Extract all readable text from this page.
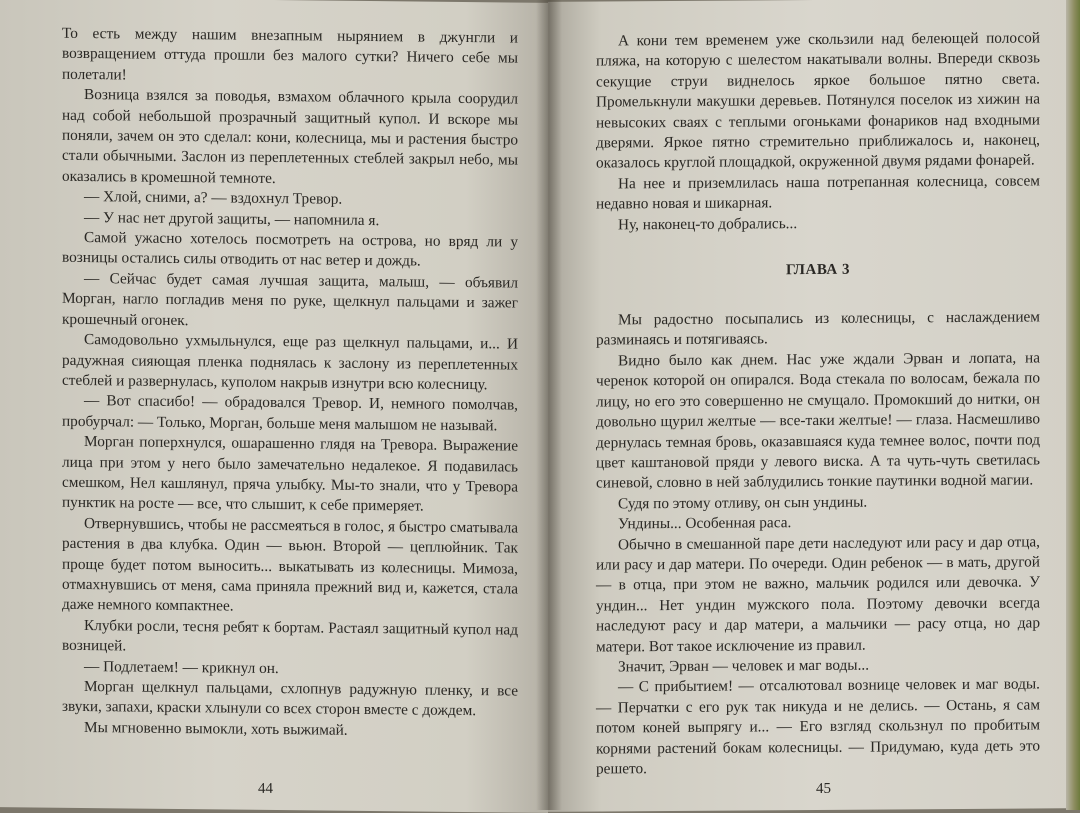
То есть между нашим внезапным нырянием в джунгли и возвращением оттуда прошли без малого сутки? Ничего себе мы полетали!

Возница взялся за поводья, взмахом облачного крыла соорудил над собой небольшой прозрачный защитный купол. И вскоре мы поняли, зачем он это сделал: кони, колесница, мы и растения быстро стали обычными. Заслон из переплетенных стеблей закрыл небо, мы оказались в кромешной темноте.

— Хлой, сними, а? — вздохнул Тревор.

— У нас нет другой защиты, — напомнила я.

Самой ужасно хотелось посмотреть на острова, но вряд ли у возницы остались силы отводить от нас ветер и дождь.

— Сейчас будет самая лучшая защита, малыш, — объявил Морган, нагло погладив меня по руке, щелкнул пальцами и зажег крошечный огонек.

Самодовольно ухмыльнулся, еще раз щелкнул пальцами, и... И радужная сияющая пленка поднялась к заслону из переплетенных стеблей и развернулась, куполом накрыв изнутри всю колесницу.

— Вот спасибо! — обрадовался Тревор. И, немного помолчав, пробурчал: — Только, Морган, больше меня малышом не называй.

Морган поперхнулся, ошарашенно глядя на Тревора. Выражение лица при этом у него было замечательно недалекое. Я подавилась смешком, Нел кашлянул, пряча улыбку. Мы-то знали, что у Тревора пунктик на росте — все, что слышит, к себе примеряет.

Отвернувшись, чтобы не рассмеяться в голос, я быстро сматывала растения в два клубка. Один — вьюн. Второй — цеплюйник. Так проще будет потом выносить... выкатывать из колесницы. Мимоза, отмахнувшись от меня, сама приняла прежний вид и, кажется, стала даже немного компактнее.

Клубки росли, тесня ребят к бортам. Растаял защитный купол над возницей.

— Подлетаем! — крикнул он.

Морган щелкнул пальцами, схлопнув радужную пленку, и все звуки, запахи, краски хлынули со всех сторон вместе с дождем.

Мы мгновенно вымокли, хоть выжимай.

44

А кони тем временем уже скользили над белеющей полосой пляжа, на которую с шелестом накатывали волны. Впереди сквозь секущие струи виднелось яркое большое пятно света. Промелькнули макушки деревьев. Потянулся поселок из хижин на невысоких сваях с теплыми огоньками фонариков над входными дверями. Яркое пятно стремительно приближалось и, наконец, оказалось круглой площадкой, окруженной двумя рядами фонарей.

На нее и приземлилась наша потрепанная колесница, совсем недавно новая и шикарная.

Ну, наконец-то добрались...

ГЛАВА 3

Мы радостно посыпались из колесницы, с наслаждением разминаясь и потягиваясь.

Видно было как днем. Нас уже ждали Эрван и лопата, на черенок которой он опирался. Вода стекала по волосам, бежала по лицу, но его это совершенно не смущало. Промокший до нитки, он довольно щурил желтые — все-таки желтые! — глаза. Насмешливо дернулась темная бровь, оказавшаяся куда темнее волос, почти под цвет каштановой пряди у левого виска. А та чуть-чуть светилась синевой, словно в ней заблудились тонкие паутинки водной магии.

Судя по этому отливу, он сын ундины.

Ундины... Особенная раса.

Обычно в смешанной паре дети наследуют или расу и дар отца, или расу и дар матери. По очереди. Один ребенок — в мать, другой — в отца, при этом не важно, мальчик родился или девочка. У ундин... Нет ундин мужского пола. Поэтому девочки всегда наследуют расу и дар матери, а мальчики — расу отца, но дар матери. Вот такое исключение из правил.

Значит, Эрван — человек и маг воды...

— С прибытием! — отсалютовал вознице человек и маг воды. — Перчатки с его рук так никуда и не делись. — Остань, я сам потом коней выпрягу и... — Его взгляд скользнул по пробитым корнями растений бокам колесницы. — Придумаю, куда деть это решето.

45
